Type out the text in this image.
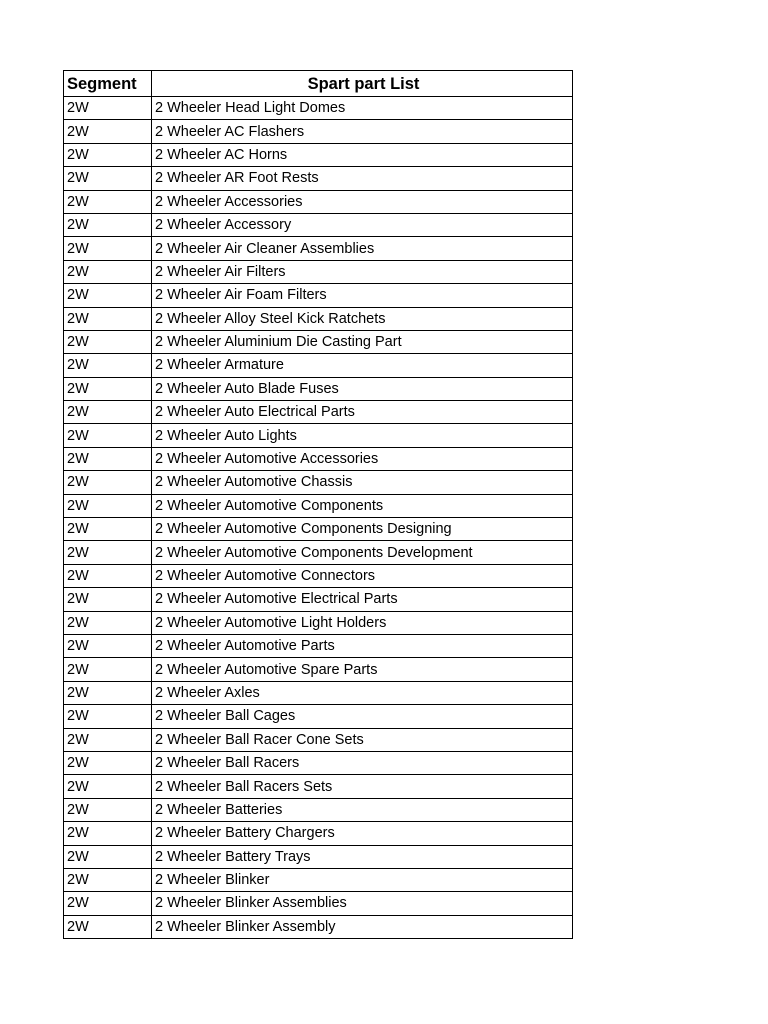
Segment	Spart part List
2W	2 Wheeler Head Light Domes
2W	2 Wheeler AC Flashers
2W	2 Wheeler AC Horns
2W	2 Wheeler AR Foot Rests
2W	2 Wheeler Accessories
2W	2 Wheeler Accessory
2W	2 Wheeler Air Cleaner Assemblies
2W	2 Wheeler Air Filters
2W	2 Wheeler Air Foam Filters
2W	2 Wheeler Alloy Steel Kick Ratchets
2W	2 Wheeler Aluminium Die Casting Part
2W	2 Wheeler Armature
2W	2 Wheeler Auto Blade Fuses
2W	2 Wheeler Auto Electrical Parts
2W	2 Wheeler Auto Lights
2W	2 Wheeler Automotive Accessories
2W	2 Wheeler Automotive Chassis
2W	2 Wheeler Automotive Components
2W	2 Wheeler Automotive Components Designing
2W	2 Wheeler Automotive Components Development
2W	2 Wheeler Automotive Connectors
2W	2 Wheeler Automotive Electrical Parts
2W	2 Wheeler Automotive Light Holders
2W	2 Wheeler Automotive Parts
2W	2 Wheeler Automotive Spare Parts
2W	2 Wheeler Axles
2W	2 Wheeler Ball Cages
2W	2 Wheeler Ball Racer Cone Sets
2W	2 Wheeler Ball Racers
2W	2 Wheeler Ball Racers Sets
2W	2 Wheeler Batteries
2W	2 Wheeler Battery Chargers
2W	2 Wheeler Battery Trays
2W	2 Wheeler Blinker
2W	2 Wheeler Blinker Assemblies
2W	2 Wheeler Blinker Assembly
